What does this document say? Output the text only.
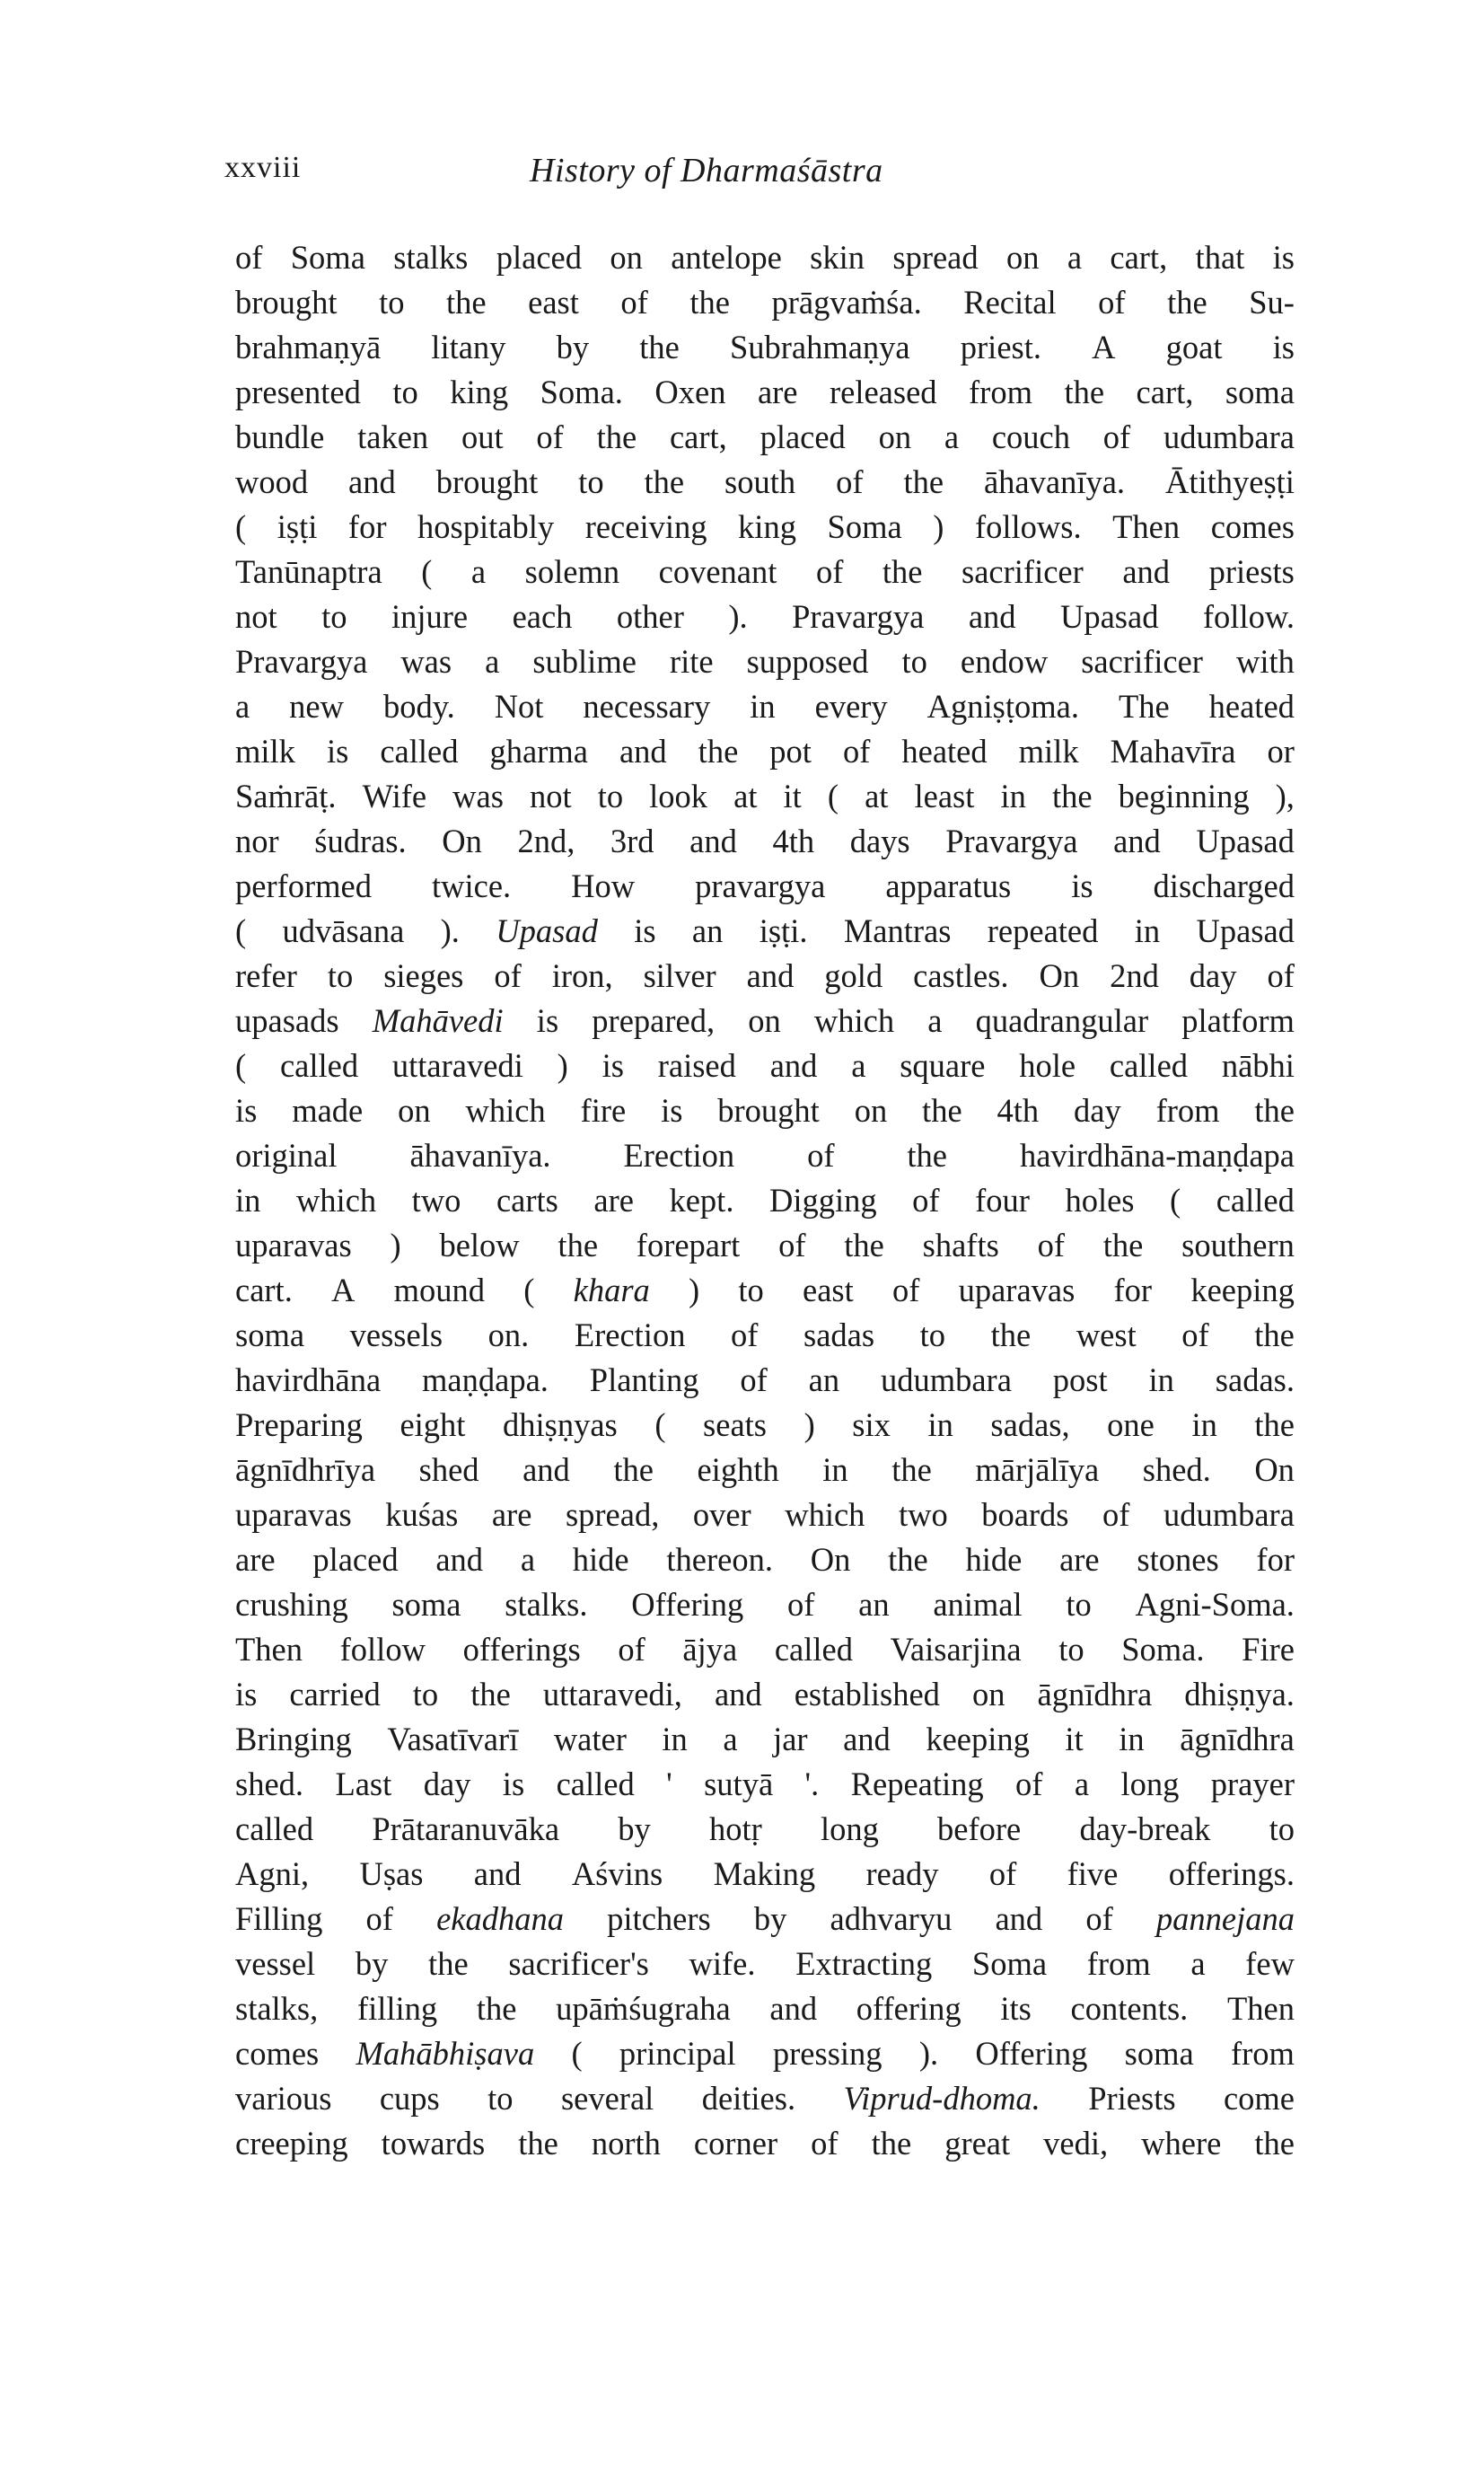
xxviii	History of Dharmaśāstra
of Soma stalks placed on antelope skin spread on a cart, that is
brought to the east of the prāgvaṁśa. Recital of the Su-
brahmaṇyā litany by the Subrahmaṇya priest. A goat is
presented to king Soma. Oxen are released from the cart, soma
bundle taken out of the cart, placed on a couch of udumbara
wood and brought to the south of the āhavanīya. Ātithyeṣṭi
( iṣṭi for hospitably receiving king Soma ) follows. Then comes
Tanūnaptra ( a solemn covenant of the sacrificer and priests
not to injure each other ). Pravargya and Upasad follow.
Pravargya was a sublime rite supposed to endow sacrificer with
a new body. Not necessary in every Agniṣṭoma. The heated
milk is called gharma and the pot of heated milk Mahavīra or
Saṁrāṭ. Wife was not to look at it ( at least in the beginning ),
nor śudras. On 2nd, 3rd and 4th days Pravargya and Upasad
performed twice. How pravargya apparatus is discharged
( udvāsana ). Upasad is an iṣṭi. Mantras repeated in Upasad
refer to sieges of iron, silver and gold castles. On 2nd day of
upasads Mahāvedi is prepared, on which a quadrangular platform
( called uttaravedi ) is raised and a square hole called nābhi
is made on which fire is brought on the 4th day from the
original āhavanīya. Erection of the havirdhāna-maṇḍapa
in which two carts are kept. Digging of four holes ( called
uparavas ) below the forepart of the shafts of the southern
cart. A mound ( khara ) to east of uparavas for keeping
soma vessels on. Erection of sadas to the west of the
havirdhāna maṇḍapa. Planting of an udumbara post in sadas.
Preparing eight dhiṣṇyas ( seats ) six in sadas, one in the
āgnīdhrīya shed and the eighth in the mārjālīya shed. On
uparavas kuśas are spread, over which two boards of udumbara
are placed and a hide thereon. On the hide are stones for
crushing soma stalks. Offering of an animal to Agni-Soma.
Then follow offerings of ājya called Vaisarjina to Soma. Fire
is carried to the uttaravedi, and established on āgnīdhra dhiṣṇya.
Bringing Vasatīvarī water in a jar and keeping it in āgnīdhra
shed. Last day is called ' sutyā '. Repeating of a long prayer
called Prātaranuvāka by hotṛ long before day-break to
Agni, Uṣas and Aśvins Making ready of five offerings.
Filling of ekadhana pitchers by adhvaryu and of pannejana
vessel by the sacrificer's wife. Extracting Soma from a few
stalks, filling the upāṁśugraha and offering its contents. Then
comes Mahābhiṣava ( principal pressing ). Offering soma from
various cups to several deities. Viprud-dhoma. Priests come
creeping towards the north corner of the great vedi, where the
